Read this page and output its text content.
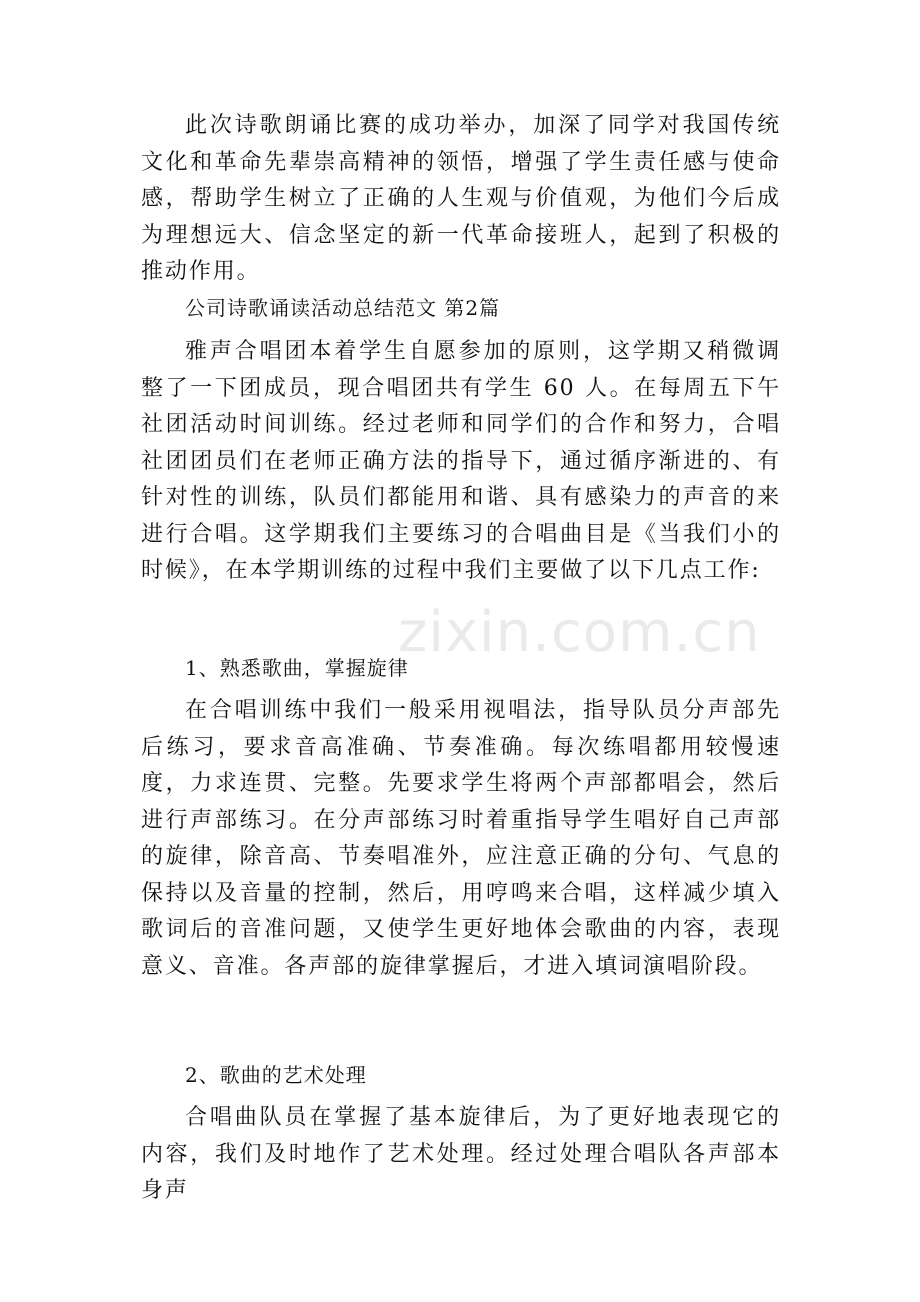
此次诗歌朗诵比赛的成功举办，加深了同学对我国传统文化和革命先辈崇高精神的领悟，增强了学生责任感与使命感，帮助学生树立了正确的人生观与价值观，为他们今后成为理想远大、信念坚定的新一代革命接班人，起到了积极的推动作用。

公司诗歌诵读活动总结范文 第2篇

雅声合唱团本着学生自愿参加的原则，这学期又稍微调整了一下团成员，现合唱团共有学生 60 人。在每周五下午社团活动时间训练。经过老师和同学们的合作和努力，合唱社团团员们在老师正确方法的指导下，通过循序渐进的、有针对性的训练，队员们都能用和谐、具有感染力的声音的来进行合唱。这学期我们主要练习的合唱曲目是《当我们小的时候》，在本学期训练的过程中我们主要做了以下几点工作:

1、熟悉歌曲，掌握旋律

在合唱训练中我们一般采用视唱法，指导队员分声部先后练习，要求音高准确、节奏准确。每次练唱都用较慢速度，力求连贯、完整。先要求学生将两个声部都唱会，然后进行声部练习。在分声部练习时着重指导学生唱好自己声部的旋律，除音高、节奏唱准外，应注意正确的分句、气息的保持以及音量的控制，然后，用哼鸣来合唱，这样减少填入歌词后的音准问题，又使学生更好地体会歌曲的内容，表现意义、音准。各声部的旋律掌握后，才进入填词演唱阶段。

2、歌曲的艺术处理

合唱曲队员在掌握了基本旋律后，为了更好地表现它的内容，我们及时地作了艺术处理。经过处理合唱队各声部本身声

zixin.com.cn
